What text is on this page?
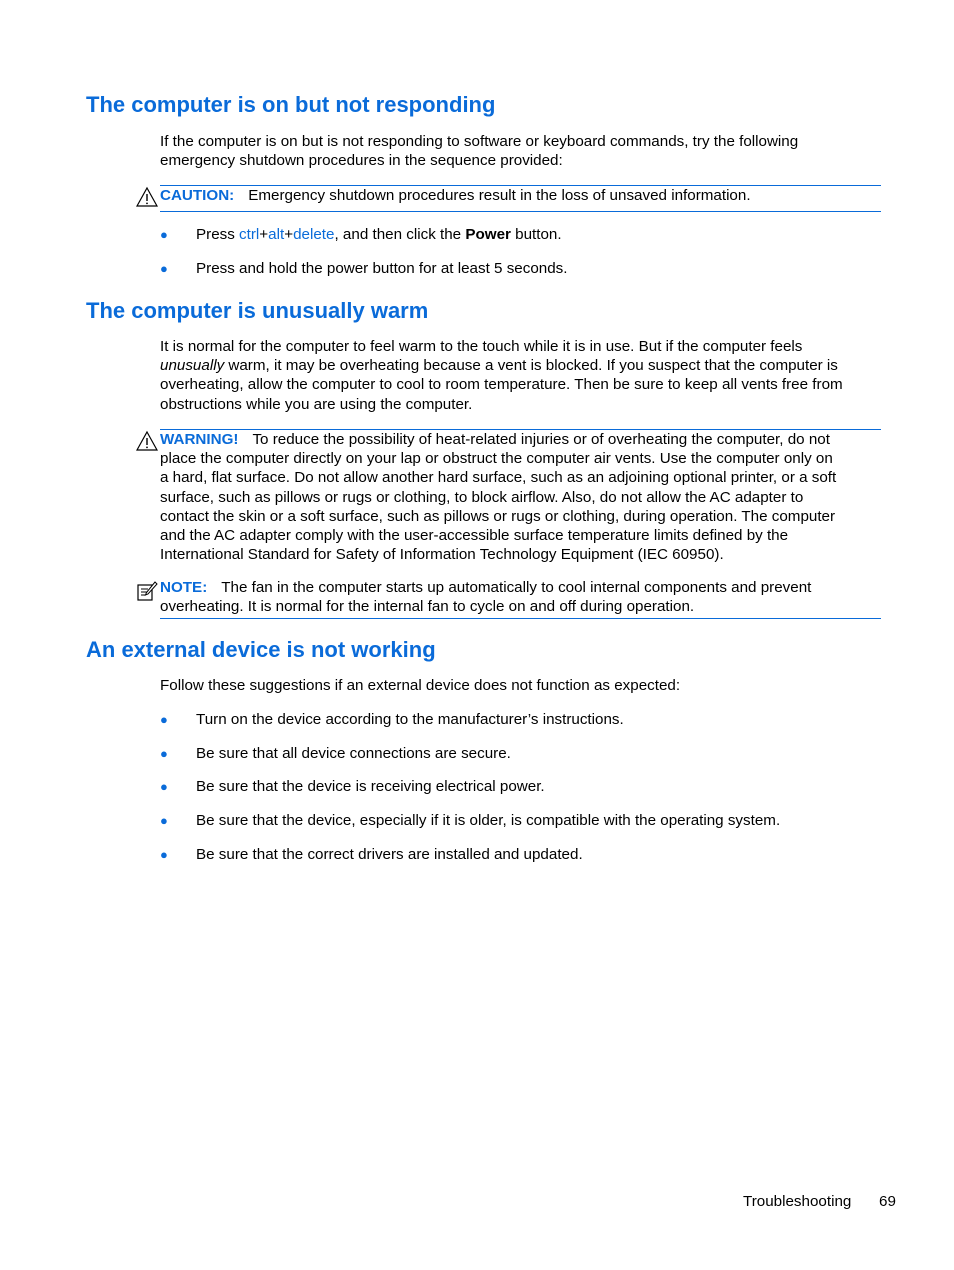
The computer is on but not responding

If the computer is on but is not responding to software or keyboard commands, try the following
emergency shutdown procedures in the sequence provided:

CAUTION: Emergency shutdown procedures result in the loss of unsaved information.
● Press ctrl+alt+delete, and then click the Power button.
● Press and hold the power button for at least 5 seconds.
The computer is unusually warm

It is normal for the computer to feel warm to the touch while it is in use. But if the computer feels
unusually warm, it may be overheating because a vent is blocked. If you suspect that the computer is
overheating, allow the computer to cool to room temperature. Then be sure to keep all vents free from
obstructions while you are using the computer.

WARNING! To reduce the possibility of heat-related injuries or of overheating the computer, do not
place the computer directly on your lap or obstruct the computer air vents. Use the computer only on
a hard, flat surface. Do not allow another hard surface, such as an adjoining optional printer, or a soft
surface, such as pillows or rugs or clothing, to block airflow. Also, do not allow the AC adapter to
contact the skin or a soft surface, such as pillows or rugs or clothing, during operation. The computer
and the AC adapter comply with the user-accessible surface temperature limits defined by the
International Standard for Safety of Information Technology Equipment (IEC 60950).
NOTE: The fan in the computer starts up automatically to cool internal components and prevent
overheating. It is normal for the internal fan to cycle on and off during operation.
An external device is not working

Follow these suggestions if an external device does not function as expected:

● Turn on the device according to the manufacturer’s instructions.
● Be sure that all device connections are secure.
● Be sure that the device is receiving electrical power.
● Be sure that the device, especially if it is older, is compatible with the operating system.
● Be sure that the correct drivers are installed and updated.
Troubleshooting 69
